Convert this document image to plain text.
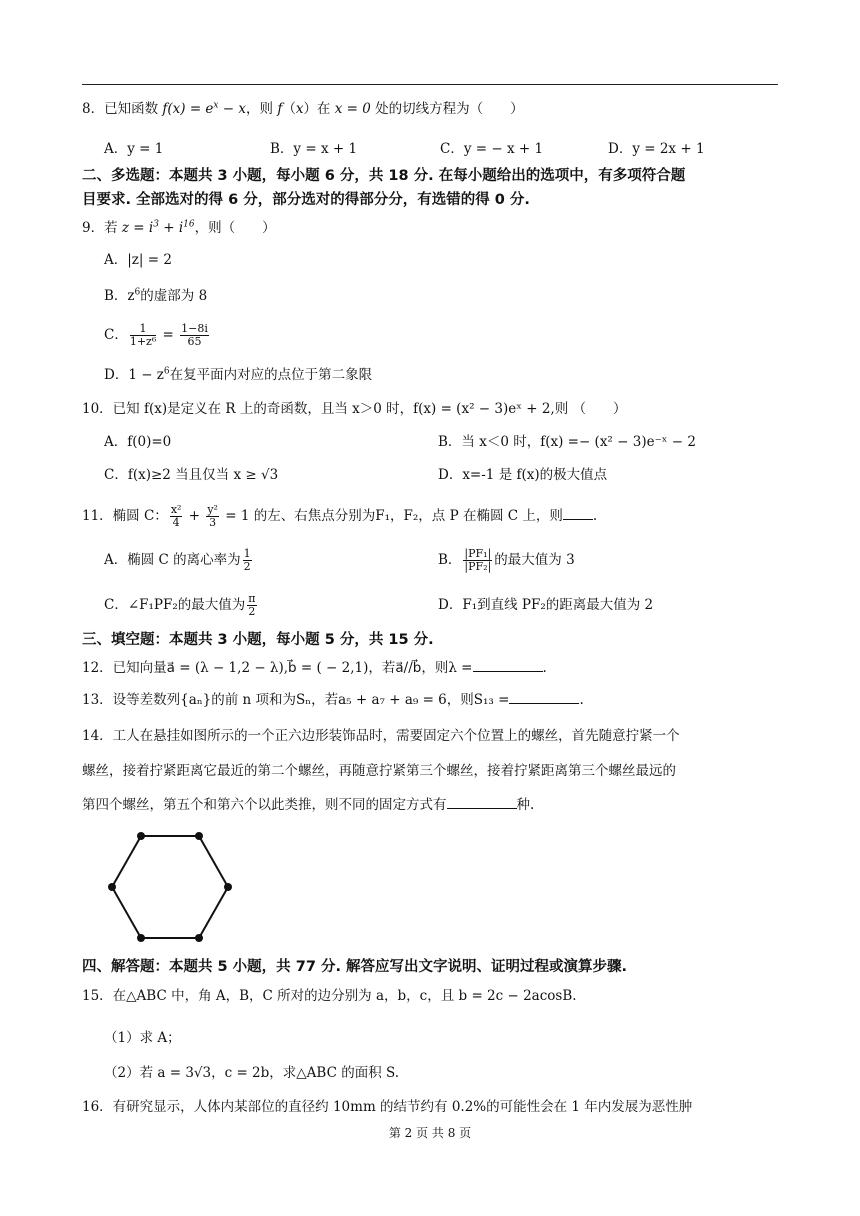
8．已知函数 $f(x) = e^x - x$，则 f（x）在 x = 0 处的切线方程为（　　）
A．y = 1	B．y = x + 1	C．y = − x + 1	D．y = 2x + 1
二、多选题：本题共 3 小题，每小题 6 分，共 18 分. 在每小题给出的选项中，有多项符合题
目要求. 全部选对的得 6 分，部分选对的得部分分，有选错的得 0 分.
9．若 $z = i^3 + i^{16}$，则（　　）
A．|z| = 2
B．$z^6$的虚部为 8
C． $\frac{1}{\text{1+z⁶}} = \frac{1-8i}{65}$
D．$1 - z^6$在复平面内对应的点位于第二象限
10．已知 f(x)是定义在 R 上的奇函数，且当 x＞0 时，f(x) = (x² − 3)eˣ + 2,则 （　　）
A．f(0)=0	B．当 x＜0 时，f(x) =− (x² − 3)e⁻ˣ − 2
C．f(x)≥2 当且仅当 x ≥ √3	D．x=-1 是 f(x)的极大值点
11．椭圆 C： $\frac{\text{x²}}{4} + \frac{\text{y²}}{3} = 1$ 的左、右焦点分别为F₁，F₂，点 P 在椭圆 C 上，则 .
A．椭圆 C 的离心率为 $\frac{1}{2}$	B． $\frac{\text{|PF₁|}}{\text{|PF₂|}}$ 的最大值为 3
C．∠F₁PF₂的最大值为 $\frac{\pi}{2}$	D．F₁到直线 PF₂的距离最大值为 2
三、填空题：本题共 3 小题，每小题 5 分，共 15 分.
12．已知向量a⃗ = (λ − 1,2 − λ),b⃗ = ( − 2,1)，若a⃗//b⃗，则λ =	.
13．设等差数列{aₙ}的前 n 项和为Sₙ，若a₅ + a₇ + a₉ = 6，则S₁₃ =	.
14．工人在悬挂如图所示的一个正六边形装饰品时，需要固定六个位置上的螺丝，首先随意拧紧一个
螺丝，接着拧紧距离它最近的第二个螺丝，再随意拧紧第三个螺丝，接着拧紧距离第三个螺丝最远的
第四个螺丝，第五个和第六个以此类推，则不同的固定方式有	种.
四、解答题：本题共 5 小题，共 77 分. 解答应写出文字说明、证明过程或演算步骤.
15．在△ABC 中，角 A，B，C 所对的边分别为 a，b，c，且 b = 2c − 2acosB.
（1）求 A；
（2）若 a = 3√3，c = 2b，求△ABC 的面积 S.
16．有研究显示，人体内某部位的直径约 10mm 的结节约有 0.2%的可能性会在 1 年内发展为恶性肿
第 2 页 共 8 页
